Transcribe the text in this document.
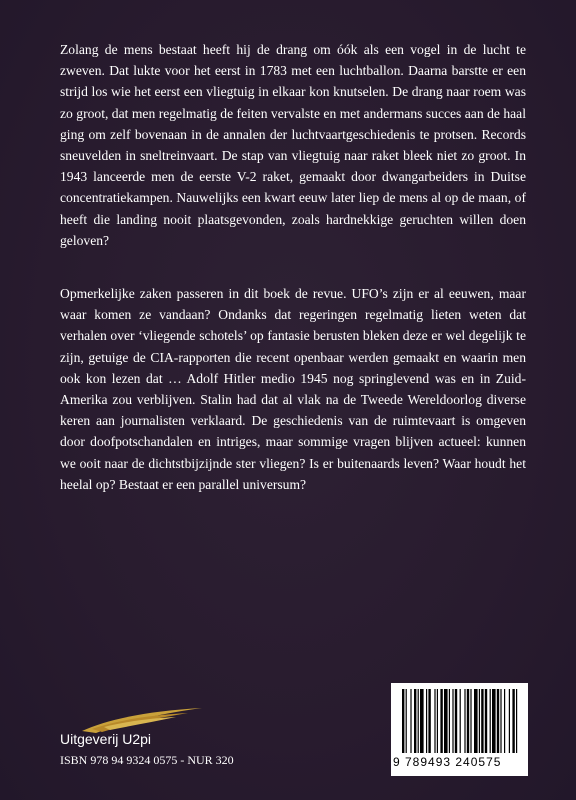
Zolang de mens bestaat heeft hij de drang om óók als een vogel in de lucht te zweven. Dat lukte voor het eerst in 1783 met een luchtballon. Daarna barstte er een strijd los wie het eerst een vliegtuig in elkaar kon knutselen. De drang naar roem was zo groot, dat men regelmatig de feiten vervalste en met andermans succes aan de haal ging om zelf bovenaan in de annalen der luchtvaartgeschiedenis te protsen. Records sneuvelden in sneltreinvaart. De stap van vliegtuig naar raket bleek niet zo groot. In 1943 lanceerde men de eerste V-2 raket, gemaakt door dwangarbeiders in Duitse concentratiekampen. Nauwelijks een kwart eeuw later liep de mens al op de maan, of heeft die landing nooit plaatsgevonden, zoals hardnekkige geruchten willen doen geloven?

Opmerkelijke zaken passeren in dit boek de revue. UFO’s zijn er al eeuwen, maar waar komen ze vandaan? Ondanks dat regeringen regelmatig lieten weten dat verhalen over ‘vliegende schotels’ op fantasie berusten bleken deze er wel degelijk te zijn, getuige de CIA-rapporten die recent openbaar werden gemaakt en waarin men ook kon lezen dat … Adolf Hitler medio 1945 nog springlevend was en in Zuid-Amerika zou verblijven. Stalin had dat al vlak na de Tweede Wereldoorlog diverse keren aan journalisten verklaard. De geschiedenis van de ruimtevaart is omgeven door doofpotschandalen en intriges, maar sommige vragen blijven actueel: kunnen we ooit naar de dichtstbijzijnde ster vliegen? Is er buitenaards leven? Waar houdt het heelal op? Bestaat er een parallel universum?

Uitgeverij U2pi
ISBN 978 94 9324 0575 - NUR 320	9 789493 240575
